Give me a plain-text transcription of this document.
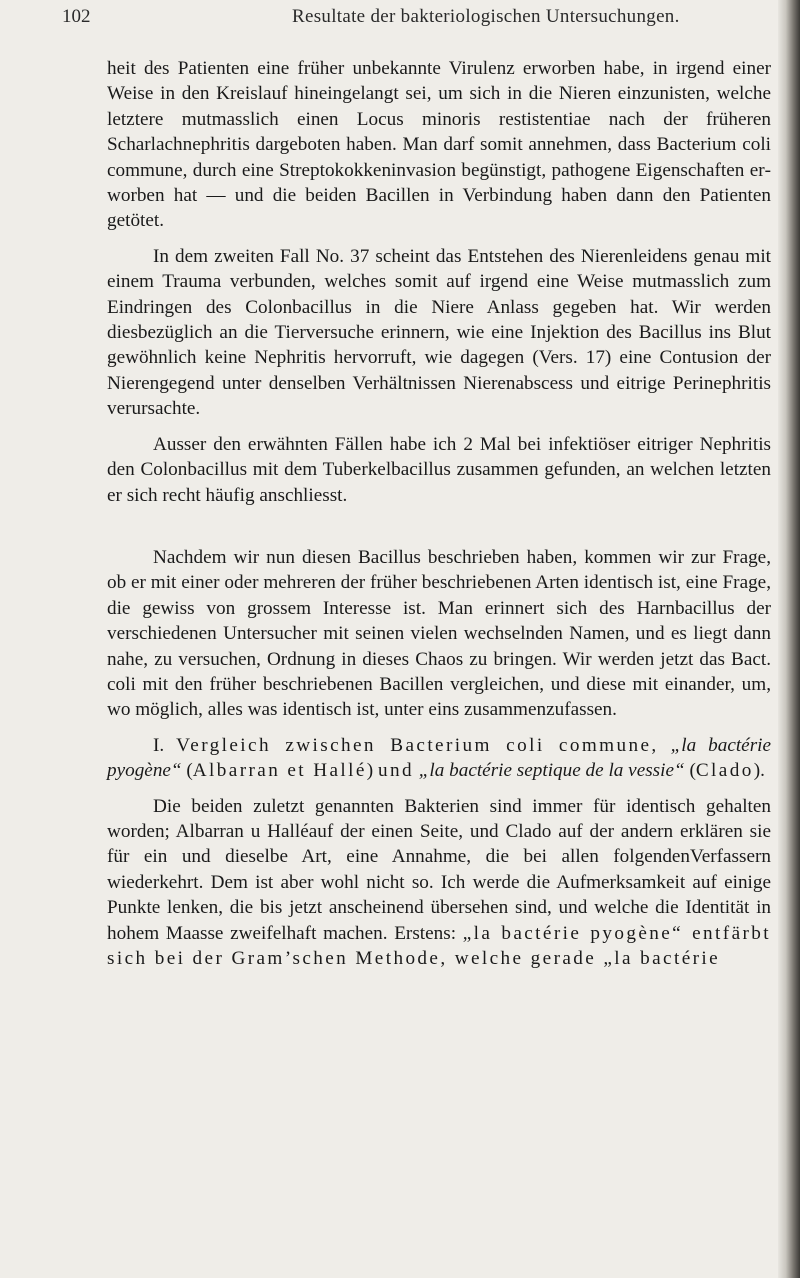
102	Resultate der bakteriologischen Untersuchungen.

heit des Patienten eine früher unbekannte Virulenz erworben habe, in irgend einer Weise in den Kreislauf hineingelangt sei, um sich in die Nieren einzunisten, welche letztere mutmasslich einen Locus minoris restistentiae nach der früheren Scharlachnephritis dargeboten haben. Man darf somit annehmen, dass Bacterium coli commune, durch eine Streptokokkeninvasion begünstigt, pathogene Eigenschaften erworben hat — und die beiden Bacillen in Verbindung haben dann den Patienten getötet.

In dem zweiten Fall No. 37 scheint das Entstehen des Nierenleidens genau mit einem Trauma verbunden, welches somit auf irgend eine Weise mutmasslich zum Eindringen des Colonbacillus in die Niere Anlass gegeben hat. Wir werden diesbezüglich an die Tierversuche erinnern, wie eine Injektion des Bacillus ins Blut gewöhnlich keine Nephritis hervorruft, wie dagegen (Vers. 17) eine Contusion der Nierengegend unter denselben Verhältnissen Nierenabscess und eitrige Perinephritis verursachte.

Ausser den erwähnten Fällen habe ich 2 Mal bei infektiöser eitriger Nephritis den Colonbacillus mit dem Tuberkelbacillus zusammen gefunden, an welchen letzten er sich recht häufig anschliesst.

Nachdem wir nun diesen Bacillus beschrieben haben, kommen wir zur Frage, ob er mit einer oder mehreren der früher beschriebenen Arten identisch ist, eine Frage, die gewiss von grossem Interesse ist. Man erinnert sich des Harnbacillus der verschiedenen Untersucher mit seinen vielen wechselnden Namen, und es liegt dann nahe, zu versuchen, Ordnung in dieses Chaos zu bringen. Wir werden jetzt das Bact. coli mit den früher beschriebenen Bacillen vergleichen, und diese mit einander, um, wo möglich, alles was identisch ist, unter eins zusammenzufassen.

I. Vergleich zwischen Bacterium coli commune, „la bactérie pyogène“ (Albarran et Hallé) und „la bactérie septique de la vessie“ (Clado).

Die beiden zuletzt genannten Bakterien sind immer für identisch gehalten worden; Albarran u Halléauf der einen Seite, und Clado auf der andern erklären sie für ein und dieselbe Art, eine Annahme, die bei allen folgendenVerfassern wiederkehrt. Dem ist aber wohl nicht so. Ich werde die Aufmerksamkeit auf einige Punkte lenken, die bis jetzt anscheinend übersehen sind, und welche die Identität in hohem Maasse zweifelhaft machen. Erstens: „la bactérie pyogène“ entfärbt sich bei der Gram’schen Methode, welche gerade „la bactérie
